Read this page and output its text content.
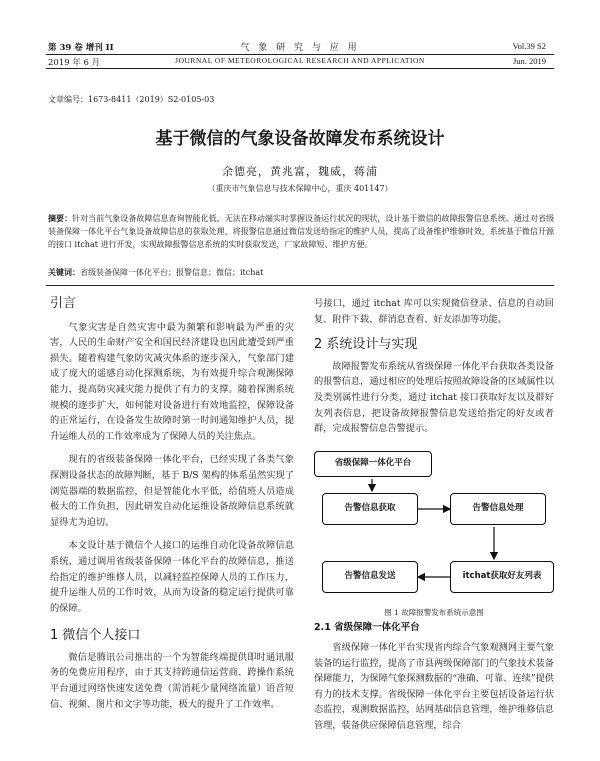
第 39 卷 增刊 II	气 象 研 究 与 应 用	Vol.39 S2
2019 年 6 月	JOURNAL OF METEOROLOGICAL RESEARCH AND APPLICATION	Jun. 2019
文章编号：1673-8411（2019）S2-0105-03
基于微信的气象设备故障发布系统设计
余德亮，黄兆富，魏威，蒋浦
（重庆市气象信息与技术保障中心，重庆 401147）
摘要：针对当前气象设备故障信息查询智能化低，无法在移动端实时掌握设备运行状况的现状，设计基于微信的故障报警信息系统。通过对省级装备保障一体化平台气象设备故障信息的获取处理，将报警信息通过微信发送给指定的维护人员，提高了设备维护维修时效，系统基于微信开源的接口 itchat 进行开发，实现故障报警信息系统的实时获取发送，厂家故障短、维护方便。
关键词：省级装备保障一体化平台；报警信息；微信；itchat
引言

气象灾害是自然灾害中最为频繁和影响最为严重的灾害，人民的生命财产安全和国民经济建设也因此遭受到严重损失。随着构建气象防灾减灾体系的逐步深入，气象部门建成了庞大的遥感自动化探测系统，为有效提升综合观测保障能力，提高防灾减灾能力提供了有力的支撑。随着探测系统规模的逐步扩大，如何能对设备进行有效地监控，保障设备的正常运行，在设备发生故障时第一时间通知维护人员，提升运维人员的工作效率成为了保障人员的关注焦点。

现有的省级装备保障一体化平台，已经实现了各类气象探测设备状态的故障判断，基于 B/S 架构的体系虽然实现了浏览器端的数据监控，但是智能化水平低，给值班人员造成极大的工作负担，因此研发自动化运维设备故障信息系统就显得尤为迫切。

本文设计基于微信个人接口的运维自动化设备故障信息系统，通过调用省级装备保障一体化平台的故障信息，推送给指定的维护维修人员，以减轻监控保障人员的工作压力，提升运维人员的工作时效，从而为设备的稳定运行提供可靠的保障。

1 微信个人接口

微信是腾讯公司推出的一个为智能终端提供即时通讯服务的免费应用程序，由于其支持跨通信运营商、跨操作系统平台通过网络快速发送免费（需消耗少量网络流量）语音短信、视频、图片和文字等功能，极大的提升了工作效率。

号接口，通过 itchat 库可以实现微信登录、信息的自动回复、附件下载、群消息查看、好友添加等功能。

2 系统设计与实现

故障报警发布系统从省级保障一体化平台获取各类设备的报警信息，通过相应的处理后按照故障设备的区域属性以及类别属性进行分类，通过 itchat 接口获取好友以及群好友列表信息，把设备故障报警信息发送给指定的好友或者群，完成报警信息告警提示。

省级保障一体化平台
告警信息获取	告警信息处理
告警信息发送	itchat获取好友列表

图 1 故障报警发布系统示意图

2.1 省级保障一体化平台

省级保障一体化平台实现省内综合气象观测网主要气象装备的运行监控，提高了市县两级保障部门的气象技术装备保障能力，为保障气象探测数据的“准确、可靠、连续”提供有力的技术支撑。省级保障一体化平台主要包括设备运行状态监控，观测数据监控，站网基础信息管理，维护维修信息管理，装备供应保障信息管理，综合
